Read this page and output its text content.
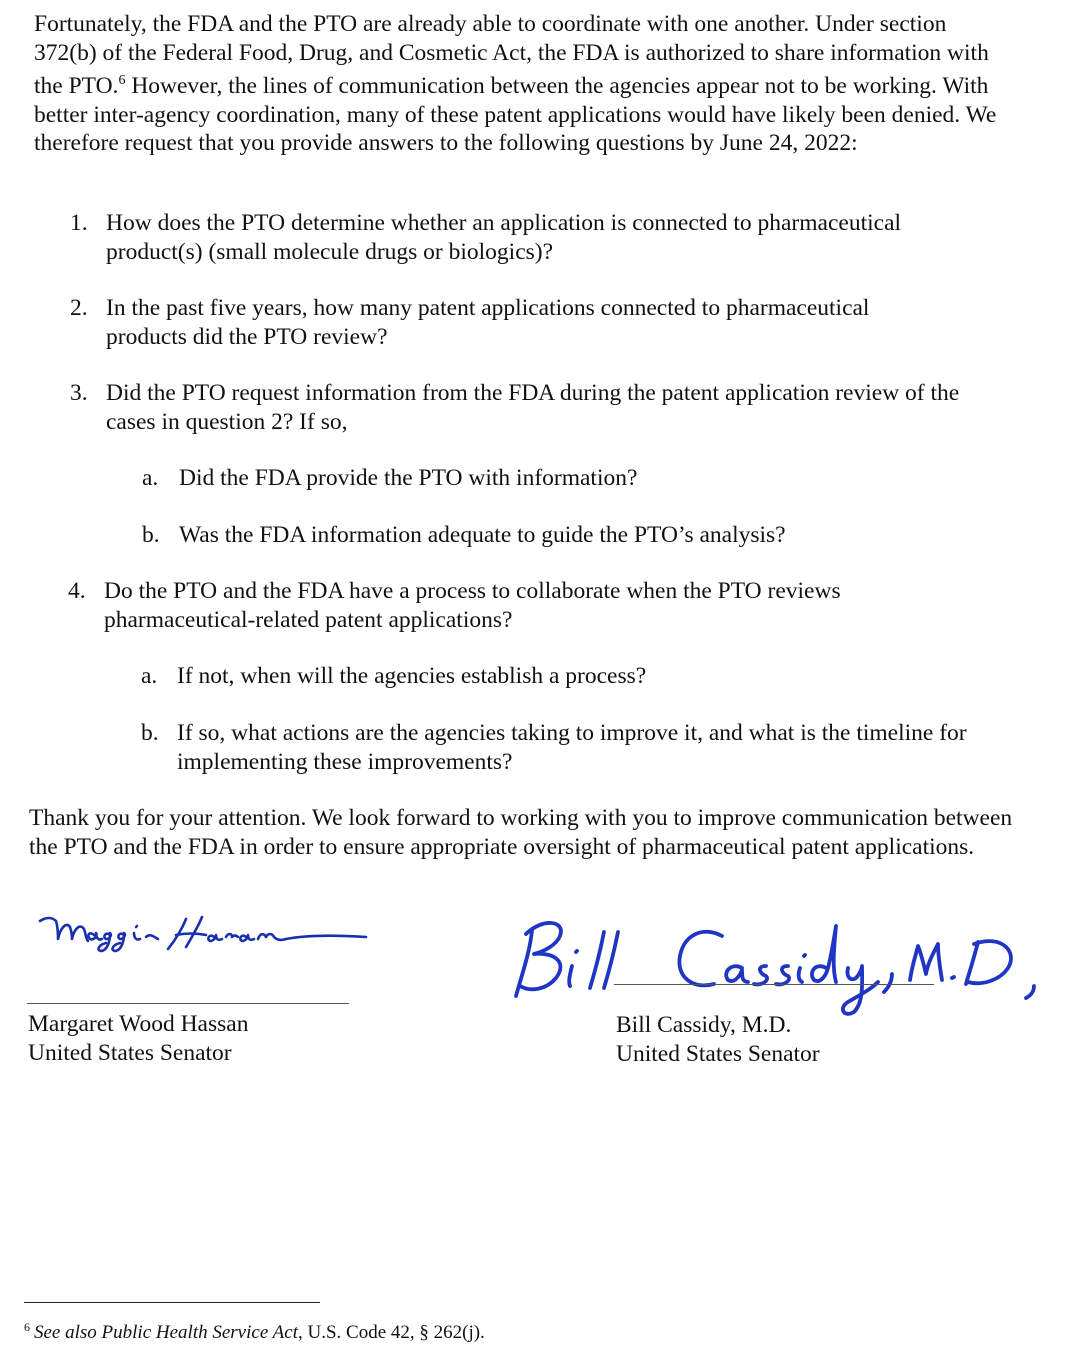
Fortunately, the FDA and the PTO are already able to coordinate with one another. Under section 372(b) of the Federal Food, Drug, and Cosmetic Act, the FDA is authorized to share information with the PTO.$^6$ However, the lines of communication between the agencies appear not to be working. With better inter-agency coordination, many of these patent applications would have likely been denied. We therefore request that you provide answers to the following questions by June 24, 2022:

1. How does the PTO determine whether an application is connected to pharmaceutical product(s) (small molecule drugs or biologics)?
2. In the past five years, how many patent applications connected to pharmaceutical products did the PTO review?
3. Did the PTO request information from the FDA during the patent application review of the cases in question 2? If so,
a. Did the FDA provide the PTO with information?
b. Was the FDA information adequate to guide the PTO’s analysis?
4. Do the PTO and the FDA have a process to collaborate when the PTO reviews pharmaceutical-related patent applications?
a. If not, when will the agencies establish a process?
b. If so, what actions are the agencies taking to improve it, and what is the timeline for implementing these improvements?

Thank you for your attention. We look forward to working with you to improve communication between the PTO and the FDA in order to ensure appropriate oversight of pharmaceutical patent applications.

Margaret Wood Hassan
United States Senator
Bill Cassidy, M.D.
United States Senator
$^6$ See also Public Health Service Act, U.S. Code 42, § 262(j).
